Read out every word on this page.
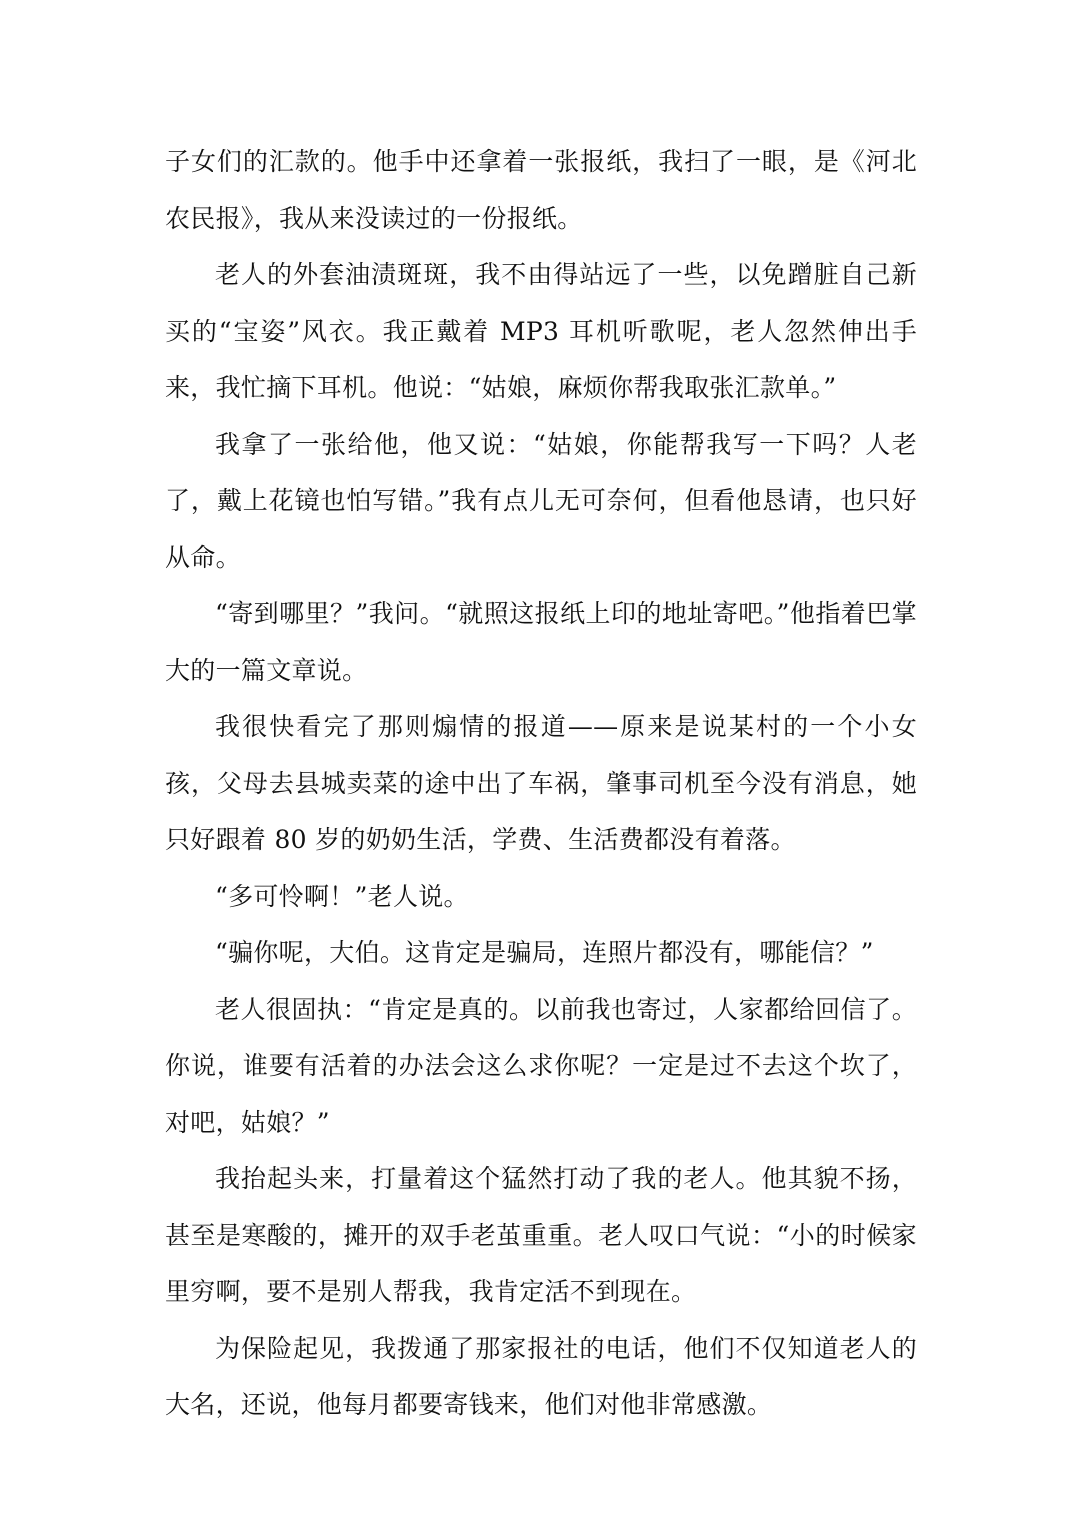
子女们的汇款的。他手中还拿着一张报纸，我扫了一眼，是《河北农民报》，我从来没读过的一份报纸。

老人的外套油渍斑斑，我不由得站远了一些，以免蹭脏自己新买的“宝姿”风衣。我正戴着 MP3 耳机听歌呢，老人忽然伸出手来，我忙摘下耳机。他说：“姑娘，麻烦你帮我取张汇款单。”

我拿了一张给他，他又说：“姑娘，你能帮我写一下吗？人老了，戴上花镜也怕写错。”我有点儿无可奈何，但看他恳请，也只好从命。

“寄到哪里？”我问。“就照这报纸上印的地址寄吧。”他指着巴掌大的一篇文章说。

我很快看完了那则煽情的报道——原来是说某村的一个小女孩，父母去县城卖菜的途中出了车祸，肇事司机至今没有消息，她只好跟着 80 岁的奶奶生活，学费、生活费都没有着落。

“多可怜啊！”老人说。

“骗你呢，大伯。这肯定是骗局，连照片都没有，哪能信？”

老人很固执：“肯定是真的。以前我也寄过，人家都给回信了。你说，谁要有活着的办法会这么求你呢？一定是过不去这个坎了，对吧，姑娘？”

我抬起头来，打量着这个猛然打动了我的老人。他其貌不扬，甚至是寒酸的，摊开的双手老茧重重。老人叹口气说：“小的时候家里穷啊，要不是别人帮我，我肯定活不到现在。

为保险起见，我拨通了那家报社的电话，他们不仅知道老人的大名，还说，他每月都要寄钱来，他们对他非常感激。
